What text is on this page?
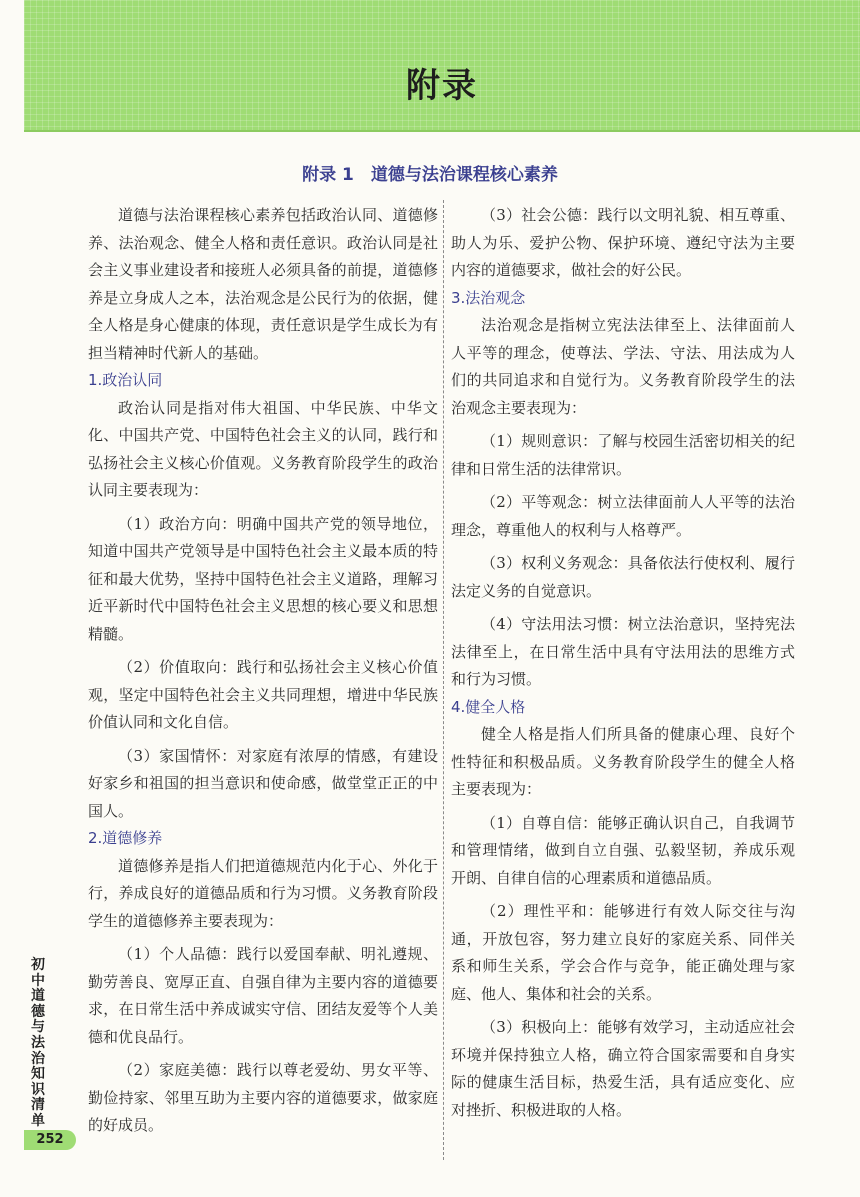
附录
附录 1　道德与法治课程核心素养

道德与法治课程核心素养包括政治认同、道德修养、法治观念、健全人格和责任意识。政治认同是社会主义事业建设者和接班人必须具备的前提，道德修养是立身成人之本，法治观念是公民行为的依据，健全人格是身心健康的体现，责任意识是学生成长为有担当精神时代新人的基础。

1.政治认同

政治认同是指对伟大祖国、中华民族、中华文化、中国共产党、中国特色社会主义的认同，践行和弘扬社会主义核心价值观。义务教育阶段学生的政治认同主要表现为：

（1）政治方向：明确中国共产党的领导地位，知道中国共产党领导是中国特色社会主义最本质的特征和最大优势，坚持中国特色社会主义道路，理解习近平新时代中国特色社会主义思想的核心要义和思想精髓。

（2）价值取向：践行和弘扬社会主义核心价值观，坚定中国特色社会主义共同理想，增进中华民族价值认同和文化自信。

（3）家国情怀：对家庭有浓厚的情感，有建设好家乡和祖国的担当意识和使命感，做堂堂正正的中国人。

2.道德修养

道德修养是指人们把道德规范内化于心、外化于行，养成良好的道德品质和行为习惯。义务教育阶段学生的道德修养主要表现为：

（1）个人品德：践行以爱国奉献、明礼遵规、勤劳善良、宽厚正直、自强自律为主要内容的道德要求，在日常生活中养成诚实守信、团结友爱等个人美德和优良品行。

（2）家庭美德：践行以尊老爱幼、男女平等、勤俭持家、邻里互助为主要内容的道德要求，做家庭的好成员。

（3）社会公德：践行以文明礼貌、相互尊重、助人为乐、爱护公物、保护环境、遵纪守法为主要内容的道德要求，做社会的好公民。

3.法治观念

法治观念是指树立宪法法律至上、法律面前人人平等的理念，使尊法、学法、守法、用法成为人们的共同追求和自觉行为。义务教育阶段学生的法治观念主要表现为：

（1）规则意识：了解与校园生活密切相关的纪律和日常生活的法律常识。

（2）平等观念：树立法律面前人人平等的法治理念，尊重他人的权利与人格尊严。

（3）权利义务观念：具备依法行使权利、履行法定义务的自觉意识。

（4）守法用法习惯：树立法治意识，坚持宪法法律至上，在日常生活中具有守法用法的思维方式和行为习惯。

4.健全人格

健全人格是指人们所具备的健康心理、良好个性特征和积极品质。义务教育阶段学生的健全人格主要表现为：

（1）自尊自信：能够正确认识自己，自我调节和管理情绪，做到自立自强、弘毅坚韧，养成乐观开朗、自律自信的心理素质和道德品质。

（2）理性平和：能够进行有效人际交往与沟通，开放包容，努力建立良好的家庭关系、同伴关系和师生关系，学会合作与竞争，能正确处理与家庭、他人、集体和社会的关系。

（3）积极向上：能够有效学习，主动适应社会环境并保持独立人格，确立符合国家需要和自身实际的健康生活目标，热爱生活，具有适应变化、应对挫折、积极进取的人格。

初中道德与法治知识清单
252
